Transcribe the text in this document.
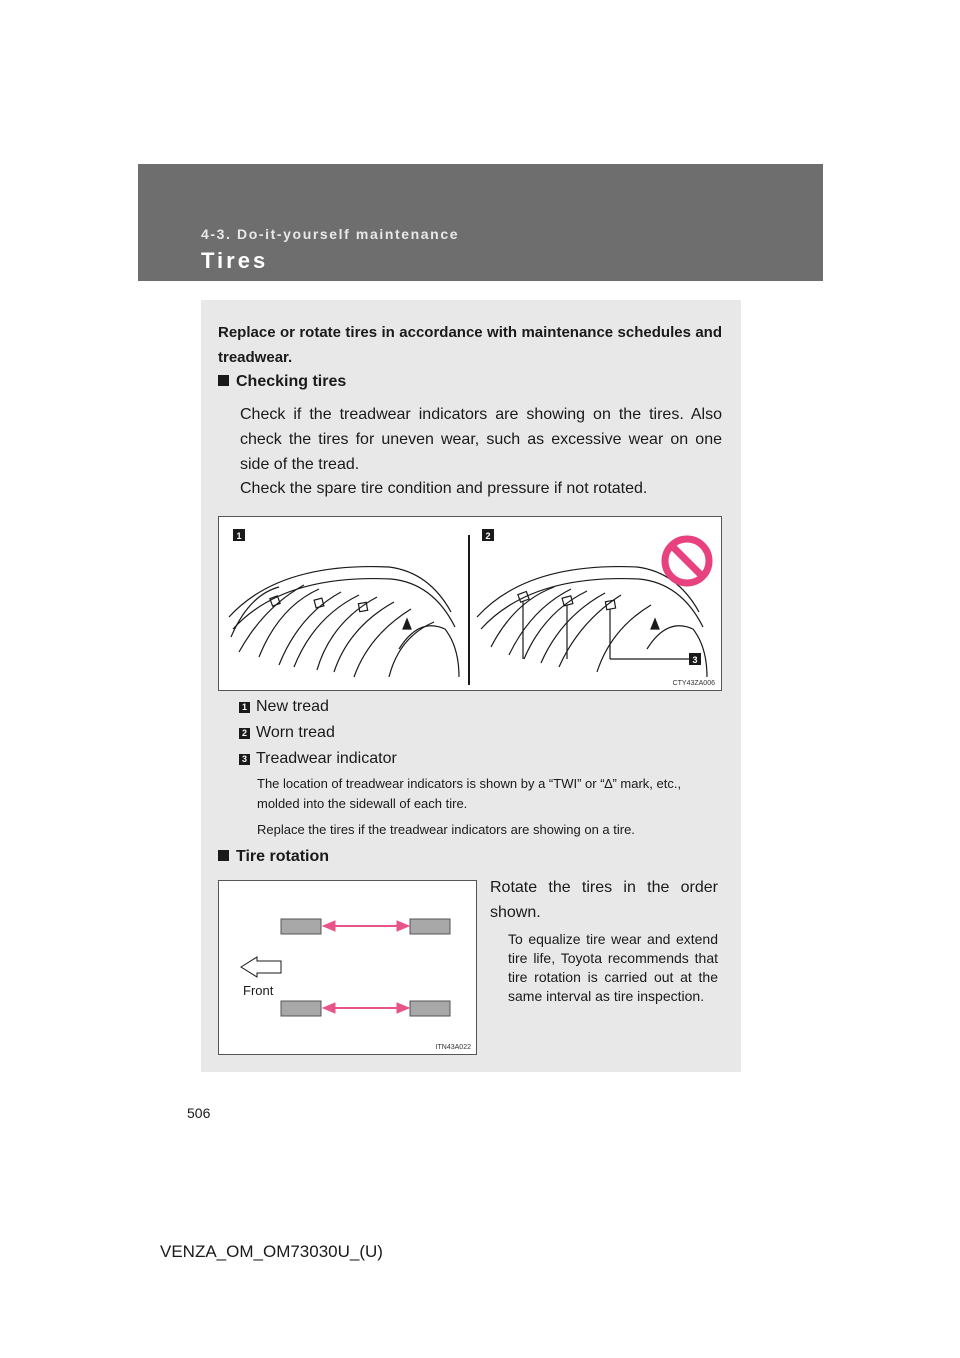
4-3. Do-it-yourself maintenance
Tires
Replace or rotate tires in accordance with maintenance schedules and treadwear.
Checking tires
Check if the treadwear indicators are showing on the tires. Also check the tires for uneven wear, such as excessive wear on one side of the tread.
Check the spare tire condition and pressure if not rotated.
1	2
3
CTY43ZA006
1 New tread
2 Worn tread
3 Treadwear indicator
The location of treadwear indicators is shown by a “TWI” or “∆” mark, etc., molded into the sidewall of each tire.
Replace the tires if the treadwear indicators are showing on a tire.
Tire rotation
Front
ITN43A022
Rotate the tires in the order shown.
To equalize tire wear and extend tire life, Toyota recommends that tire rotation is carried out at the same interval as tire inspection.
506
VENZA_OM_OM73030U_(U)
